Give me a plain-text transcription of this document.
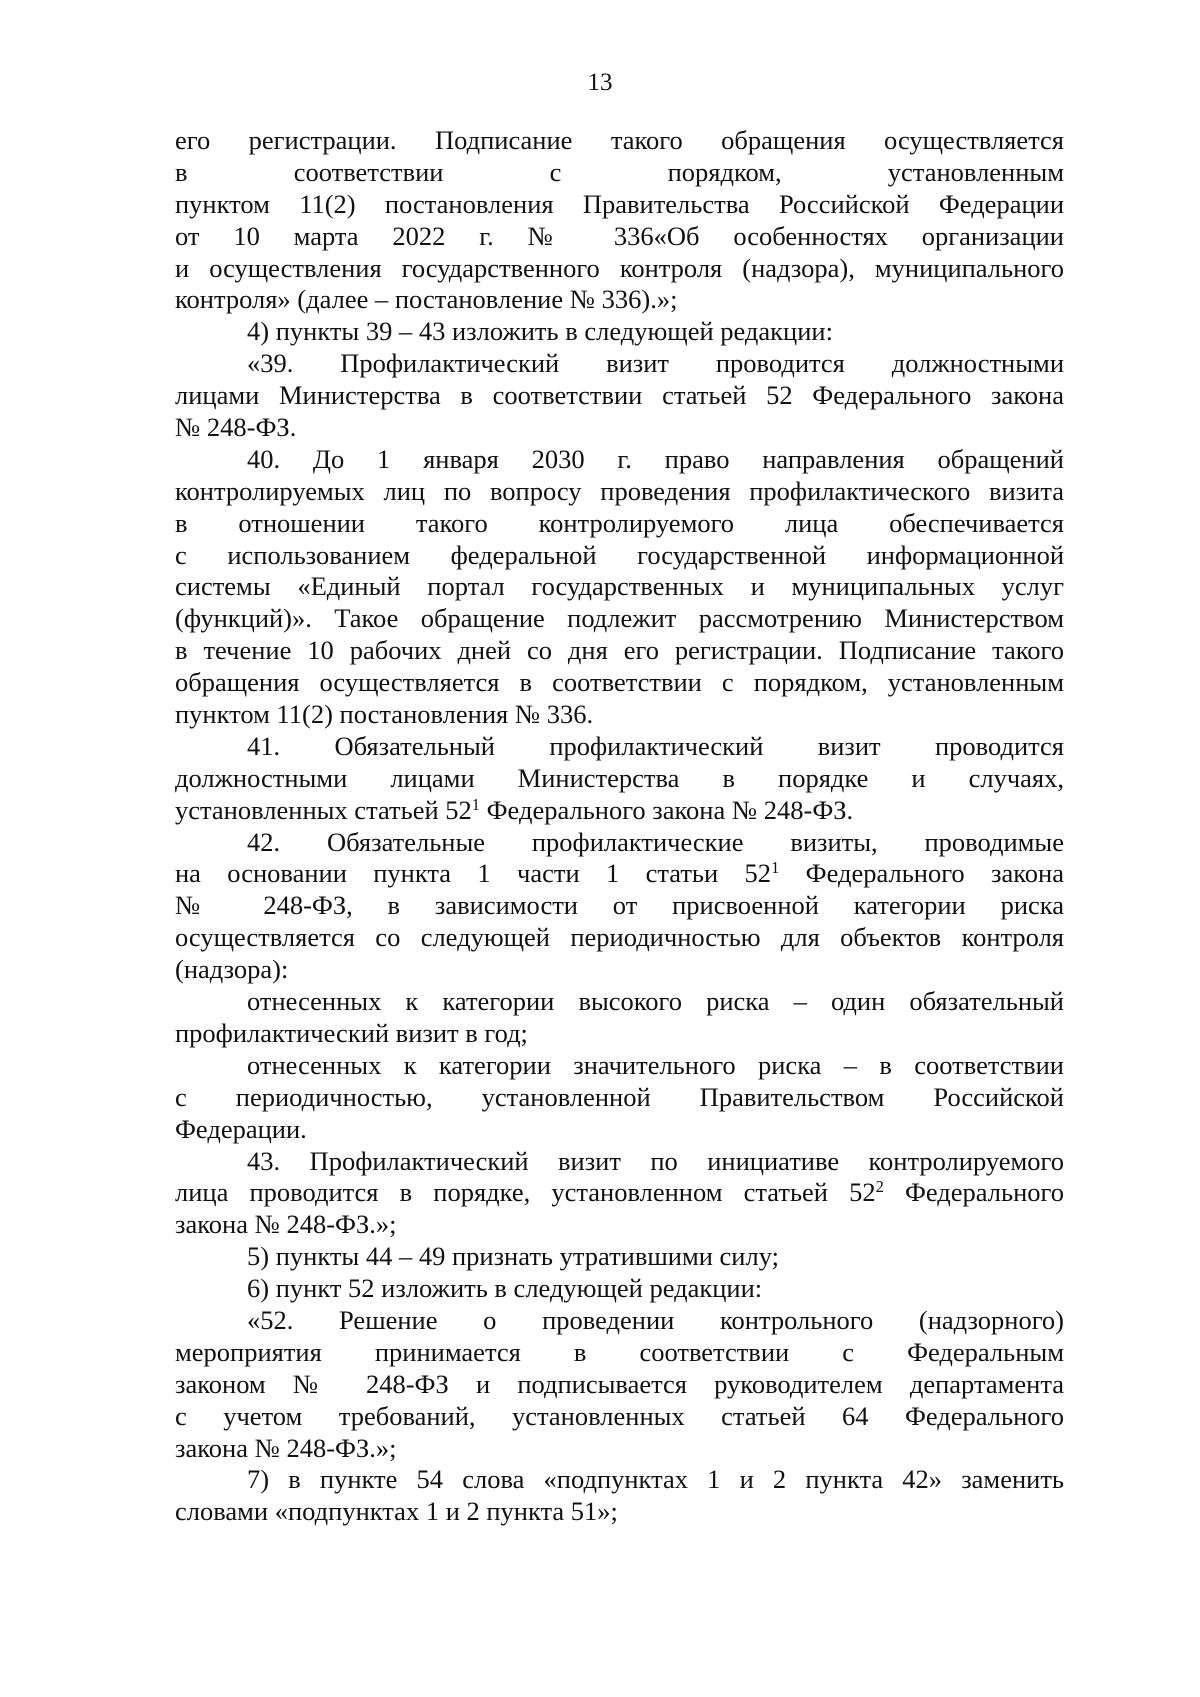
13
его регистрации. Подписание такого обращения осуществляется
в соответствии с порядком, установленным
пунктом 11(2) постановления Правительства Российской Федерации
от 10 марта 2022 г. № 336«Об особенностях организации
и осуществления государственного контроля (надзора), муниципального
контроля» (далее – постановление № 336).»;
4) пункты 39 – 43 изложить в следующей редакции:
«39. Профилактический визит проводится должностными
лицами Министерства в соответствии статьей 52 Федерального закона
№ 248-ФЗ.
40. До 1 января 2030 г. право направления обращений
контролируемых лиц по вопросу проведения профилактического визита
в отношении такого контролируемого лица обеспечивается
с использованием федеральной государственной информационной
системы «Единый портал государственных и муниципальных услуг
(функций)». Такое обращение подлежит рассмотрению Министерством
в течение 10 рабочих дней со дня его регистрации. Подписание такого
обращения осуществляется в соответствии с порядком, установленным
пунктом 11(2) постановления № 336.
41. Обязательный профилактический визит проводится
должностными лицами Министерства в порядке и случаях,
установленных статьей $52^1$ Федерального закона № 248-ФЗ.
42. Обязательные профилактические визиты, проводимые
на основании пункта 1 части 1 статьи $52^1$ Федерального закона
№ 248-ФЗ, в зависимости от присвоенной категории риска
осуществляется со следующей периодичностью для объектов контроля
(надзора):
отнесенных к категории высокого риска – один обязательный
профилактический визит в год;
отнесенных к категории значительного риска – в соответствии
с периодичностью, установленной Правительством Российской
Федерации.
43. Профилактический визит по инициативе контролируемого
лица проводится в порядке, установленном статьей $52^2$ Федерального
закона № 248-ФЗ.»;
5) пункты 44 – 49 признать утратившими силу;
6) пункт 52 изложить в следующей редакции:
«52. Решение о проведении контрольного (надзорного)
мероприятия принимается в соответствии с Федеральным
законом № 248-ФЗ и подписывается руководителем департамента
с учетом требований, установленных статьей 64 Федерального
закона № 248-ФЗ.»;
7) в пункте 54 слова «подпунктах 1 и 2 пункта 42» заменить
словами «подпунктах 1 и 2 пункта 51»;
